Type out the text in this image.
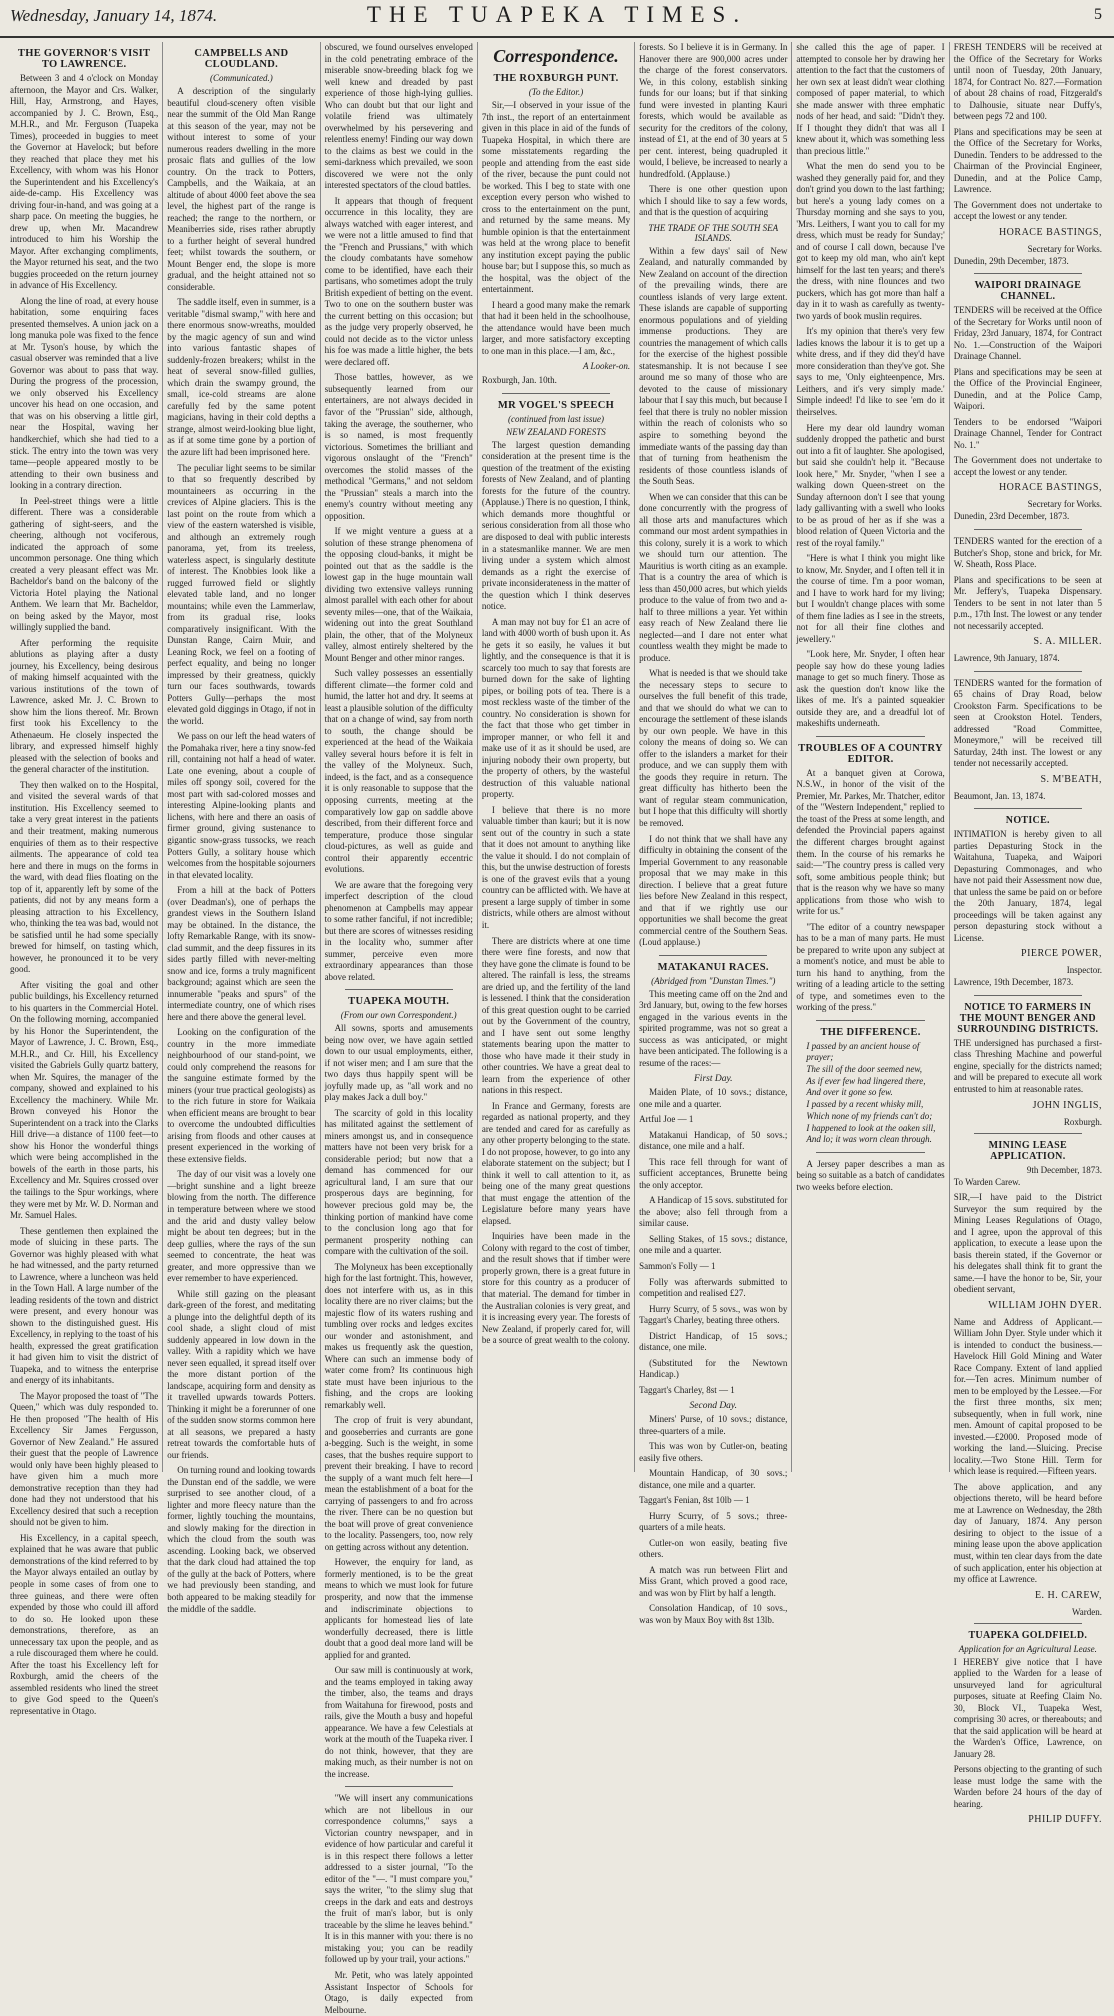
Wednesday, January 14, 1874.	THE TUAPEKA TIMES.	5
THE GOVERNOR'S VISIT TO LAWRENCE.

Between 3 and 4 o'clock on Monday afternoon, the Mayor and Crs. Walker, Hill, Hay, Armstrong, and Hayes, accompanied by J. C. Brown, Esq., M.H.R., and Mr. Ferguson (Tuapeka Times), proceeded in buggies to meet the Governor at Havelock; but before they reached that place they met his Excellency, with whom was his Honor the Superintendent and his Excellency's aide-de-camp. His Excellency was driving four-in-hand, and was going at a sharp pace. On meeting the buggies, he drew up, when Mr. Macandrew introduced to him his Worship the Mayor. After exchanging compliments, the Mayor returned his seat, and the two buggies proceeded on the return journey in advance of His Excellency.

Along the line of road, at every house habitation, some enquiring faces presented themselves. A union jack on a long manuka pole was fixed to the fence at Mr. Tyson's house, by which the casual observer was reminded that a live Governor was about to pass that way. During the progress of the procession, we only observed his Excellency uncover his head on one occasion, and that was on his observing a little girl, near the Hospital, waving her handkerchief, which she had tied to a stick. The entry into the town was very tame—people appeared mostly to be attending to their own business and looking in a contrary direction.

In Peel-street things were a little different. There was a considerable gathering of sight-seers, and the cheering, although not vociferous, indicated the approach of some uncommon personage. One thing which created a very pleasant effect was Mr. Bacheldor's band on the balcony of the Victoria Hotel playing the National Anthem. We learn that Mr. Bacheldor, on being asked by the Mayor, most willingly supplied the band.

After performing the requisite ablutions as playing after a dusty journey, his Excellency, being desirous of making himself acquainted with the various institutions of the town of Lawrence, asked Mr. J. C. Brown to show him the lions thereof. Mr. Brown first took his Excellency to the Athenaeum. He closely inspected the library, and expressed himself highly pleased with the selection of books and the general character of the institution.

They then walked on to the Hospital, and visited the several wards of that institution. His Excellency seemed to take a very great interest in the patients and their treatment, making numerous enquiries of them as to their respective ailments. The appearance of cold tea here and there in mugs on the forms in the ward, with dead flies floating on the top of it, apparently left by some of the patients, did not by any means form a pleasing attraction to his Excellency, who, thinking the tea was bad, would not be satisfied until he had some specially brewed for himself, on tasting which, however, he pronounced it to be very good.

After visiting the goal and other public buildings, his Excellency returned to his quarters in the Commercial Hotel. On the following morning, accompanied by his Honor the Superintendent, the Mayor of Lawrence, J. C. Brown, Esq., M.H.R., and Cr. Hill, his Excellency visited the Gabriels Gully quartz battery, when Mr. Squires, the manager of the company, showed and explained to his Excellency the machinery. While Mr. Brown conveyed his Honor the Superintendent on a track into the Clarks Hill drive—a distance of 1100 feet—to show his Honor the wonderful things which were being accomplished in the bowels of the earth in those parts, his Excellency and Mr. Squires crossed over the tailings to the Spur workings, where they were met by Mr. W. D. Norman and Mr. Samuel Hales.

These gentlemen then explained the mode of sluicing in these parts. The Governor was highly pleased with what he had witnessed, and the party returned to Lawrence, where a luncheon was held in the Town Hall. A large number of the leading residents of the town and district were present, and every honour was shown to the distinguished guest. His Excellency, in replying to the toast of his health, expressed the great gratification it had given him to visit the district of Tuapeka, and to witness the enterprise and energy of its inhabitants.

The Mayor proposed the toast of "The Queen," which was duly responded to. He then proposed "The health of His Excellency Sir James Fergusson, Governor of New Zealand." He assured their guest that the people of Lawrence would only have been highly pleased to have given him a much more demonstrative reception than they had done had they not understood that his Excellency desired that such a reception should not be given to him.

His Excellency, in a capital speech, explained that he was aware that public demonstrations of the kind referred to by the Mayor always entailed an outlay by people in some cases of from one to three guineas, and there were often expended by those who could ill afford to do so. He looked upon these demonstrations, therefore, as an unnecessary tax upon the people, and as a rule discouraged them where he could. After the toast his Excellency left for Roxburgh, amid the cheers of the assembled residents who lined the street to give God speed to the Queen's representative in Otago.

CAMPBELLS AND CLOUDLAND.
(Communicated.)

A description of the singularly beautiful cloud-scenery often visible near the summit of the Old Man Range at this season of the year, may not be without interest to some of your numerous readers dwelling in the more prosaic flats and gullies of the low country. On the track to Potters, Campbells, and the Waikaia, at an altitude of about 4000 feet above the sea level, the highest part of the range is reached; the range to the northern, or Meaniberries side, rises rather abruptly to a further height of several hundred feet; whilst towards the southern, or Mount Benger end, the slope is more gradual, and the height attained not so considerable.

The saddle itself, even in summer, is a veritable "dismal swamp," with here and there enormous snow-wreaths, moulded by the magic agency of sun and wind into various fantastic shapes of suddenly-frozen breakers; whilst in the heat of several snow-filled gullies, which drain the swampy ground, the small, ice-cold streams are alone carefully fed by the same potent magicians, having in their cold depths a strange, almost weird-looking blue light, as if at some time gone by a portion of the azure lift had been imprisoned here.

The peculiar light seems to be similar to that so frequently described by mountaineers as occurring in the crevices of Alpine glaciers. This is the last point on the route from which a view of the eastern watershed is visible, and although an extremely rough panorama, yet, from its treeless, waterless aspect, is singularly destitute of interest. The Knobbies look like a rugged furrowed field or slightly elevated table land, and no longer mountains; while even the Lammerlaw, from its gradual rise, looks comparatively insignificant. With the Dunstan Range, Cairn Muir, and Leaning Rock, we feel on a footing of perfect equality, and being no longer impressed by their greatness, quickly turn our faces southwards, towards Potters Gully—perhaps the most elevated gold diggings in Otago, if not in the world.

We pass on our left the head waters of the Pomahaka river, here a tiny snow-fed rill, containing not half a head of water. Late one evening, about a couple of miles off spongy soil, covered for the most part with sad-colored mosses and interesting Alpine-looking plants and lichens, with here and there an oasis of firmer ground, giving sustenance to gigantic snow-grass tussocks, we reach Potters Gully, a solitary house which welcomes from the hospitable sojourners in that elevated locality.

From a hill at the back of Potters (over Deadman's), one of perhaps the grandest views in the Southern Island may be obtained. In the distance, the lofty Remarkable Range, with its snow-clad summit, and the deep fissures in its sides partly filled with never-melting snow and ice, forms a truly magnificent background; against which are seen the innumerable "peaks and spurs" of the intermediate country, one of which rises here and there above the general level.

Looking on the configuration of the country in the more immediate neighbourhood of our stand-point, we could only comprehend the reasons for the sanguine estimate formed by the miners (your true practical geologists) as to the rich future in store for Waikaia when efficient means are brought to bear to overcome the undoubted difficulties arising from floods and other causes at present experienced in the working of these extensive fields.

The day of our visit was a lovely one—bright sunshine and a light breeze blowing from the north. The difference in temperature between where we stood and the arid and dusty valley below might be about ten degrees; but in the deep gullies, where the rays of the sun seemed to concentrate, the heat was greater, and more oppressive than we ever remember to have experienced.

While still gazing on the pleasant dark-green of the forest, and meditating a plunge into the delightful depth of its cool shade, a slight cloud of mist suddenly appeared in low down in the valley. With a rapidity which we have never seen equalled, it spread itself over the more distant portion of the landscape, acquiring form and density as it travelled upwards towards Potters. Thinking it might be a forerunner of one of the sudden snow storms common here at all seasons, we prepared a hasty retreat towards the comfortable huts of our friends.

On turning round and looking towards the Dunstan end of the saddle, we were surprised to see another cloud, of a lighter and more fleecy nature than the former, lightly touching the mountains, and slowly making for the direction in which the cloud from the south was ascending. Looking back, we observed that the dark cloud had attained the top of the gully at the back of Potters, where we had previously been standing, and both appeared to be making steadily for the middle of the saddle.

obscured, we found ourselves enveloped in the cold penetrating embrace of the miserable snow-breeding black fog we well knew and dreaded by past experience of those high-lying gullies. Who can doubt but that our light and volatile friend was ultimately overwhelmed by his persevering and relentless enemy! Finding our way down to the claims as best we could in the semi-darkness which prevailed, we soon discovered we were not the only interested spectators of the cloud battles.

It appears that though of frequent occurrence in this locality, they are always watched with eager interest, and we were not a little amused to find that the "French and Prussians," with which the cloudy combatants have somehow come to be identified, have each their partisans, who sometimes adopt the truly British expedient of betting on the event. Two to one on the southern buster was the current betting on this occasion; but as the judge very properly observed, he could not decide as to the victor unless his foe was made a little higher, the bets were declared off.

Those battles, however, as we subsequently learned from our entertainers, are not always decided in favor of the "Prussian" side, although, taking the average, the southerner, who is so named, is most frequently victorious. Sometimes the brilliant and vigorous onslaught of the "French" overcomes the stolid masses of the methodical "Germans," and not seldom the "Prussian" steals a march into the enemy's country without meeting any opposition.

If we might venture a guess at a solution of these strange phenomena of the opposing cloud-banks, it might be pointed out that as the saddle is the lowest gap in the huge mountain wall dividing two extensive valleys running almost parallel with each other for about seventy miles—one, that of the Waikaia, widening out into the great Southland plain, the other, that of the Molyneux valley, almost entirely sheltered by the Mount Benger and other minor ranges.

Such valley possesses an essentially different climate—the former cold and humid, the latter hot and dry. It seems at least a plausible solution of the difficulty that on a change of wind, say from north to south, the change should be experienced at the head of the Waikaia valley several hours before it is felt in the valley of the Molyneux. Such, indeed, is the fact, and as a consequence it is only reasonable to suppose that the opposing currents, meeting at the comparatively low gap on saddle above described, from their different force and temperature, produce those singular cloud-pictures, as well as guide and control their apparently eccentric evolutions.

We are aware that the foregoing very imperfect description of the cloud phenomenon at Campbells may appear to some rather fanciful, if not incredible; but there are scores of witnesses residing in the locality who, summer after summer, perceive even more extraordinary appearances than those above related.

TUAPEKA MOUTH.
(From our own Correspondent.)

All sowns, sports and amusements being now over, we have again settled down to our usual employments, either, if not wiser men; and I am sure that the two days thus happily spent will be joyfully made up, as "all work and no play makes Jack a dull boy."

The scarcity of gold in this locality has militated against the settlement of miners amongst us, and in consequence matters have not been very brisk for a considerable period; but now that a demand has commenced for our agricultural land, I am sure that our prosperous days are beginning, for however precious gold may be, the thinking portion of mankind have come to the conclusion long ago that for permanent prosperity nothing can compare with the cultivation of the soil.

The Molyneux has been exceptionally high for the last fortnight. This, however, does not interfere with us, as in this locality there are no river claims; but the majestic flow of its waters rushing and tumbling over rocks and ledges excites our wonder and astonishment, and makes us frequently ask the question, Where can such an immense body of water come from? Its continuous high state must have been injurious to the fishing, and the crops are looking remarkably well.

The crop of fruit is very abundant, and gooseberries and currants are gone a-begging. Such is the weight, in some cases, that the bushes require support to prevent their breaking. I have to record the supply of a want much felt here—I mean the establishment of a boat for the carrying of passengers to and fro across the river. There can be no question but the boat will prove of great convenience to the locality. Passengers, too, now rely on getting across without any detention.

However, the enquiry for land, as formerly mentioned, is to be the great means to which we must look for future prosperity, and now that the immense and indiscriminate objections to applicants for homestead lies of late wonderfully decreased, there is little doubt that a good deal more land will be applied for and granted.

Our saw mill is continuously at work, and the teams employed in taking away the timber, also, the teams and drays from Waitahuna for firewood, posts and rails, give the Mouth a busy and hopeful appearance. We have a few Celestials at work at the mouth of the Tuapeka river. I do not think, however, that they are making much, as their number is not on the increase.

"We will insert any communications which are not libellous in our correspondence columns," says a Victorian country newspaper, and in evidence of how particular and careful it is in this respect there follows a letter addressed to a sister journal, "To the editor of the "—. "I must compare you," says the writer, "to the slimy slug that creeps in the dark and eats and destroys the fruit of man's labor, but is only traceable by the slime he leaves behind." It is in this manner with you: there is no mistaking you; you can be readily followed up by your trail, your actions."

Mr. Petit, who was lately appointed Assistant Inspector of Schools for Otago, is daily expected from Melbourne.

Correspondence.
THE ROXBURGH PUNT.
(To the Editor.)

Sir,—I observed in your issue of the 7th inst., the report of an entertainment given in this place in aid of the funds of Tuapeka Hospital, in which there are some misstatements regarding the people and attending from the east side of the river, because the punt could not be worked. This I beg to state with one exception every person who wished to cross to the entertainment on the punt, and returned by the same means. My humble opinion is that the entertainment was held at the wrong place to benefit any institution except paying the public house bar; but I suppose this, so much as the hospital, was the object of the entertainment.

I heard a good many make the remark that had it been held in the schoolhouse, the attendance would have been much larger, and more satisfactory excepting to one man in this place.—I am, &c.,

A Looker-on.

Roxburgh, Jan. 10th.

MR VOGEL'S SPEECH
(continued from last issue)
NEW ZEALAND FORESTS

The largest question demanding consideration at the present time is the question of the treatment of the existing forests of New Zealand, and of planting forests for the future of the country. (Applause.) There is no question, I think, which demands more thoughtful or serious consideration from all those who are disposed to deal with public interests in a statesmanlike manner. We are men living under a system which almost demands as a right the exercise of private inconsiderateness in the matter of the question which I think deserves notice.

A man may not buy for £1 an acre of land with 4000 worth of bush upon it. As he gets it so easily, he values it but lightly, and the consequence is that it is scarcely too much to say that forests are burned down for the sake of lighting pipes, or boiling pots of tea. There is a most reckless waste of the timber of the country. No consideration is shown for the fact that those who get timber in improper manner, or who fell it and make use of it as it should be used, are injuring nobody their own property, but the property of others, by the wasteful destruction of this valuable national property.

I believe that there is no more valuable timber than kauri; but it is now sent out of the country in such a state that it does not amount to anything like the value it should. I do not complain of this, but the unwise destruction of forests is one of the gravest evils that a young country can be afflicted with. We have at present a large supply of timber in some districts, while others are almost without it.

There are districts where at one time there were fine forests, and now that they have gone the climate is found to be altered. The rainfall is less, the streams are dried up, and the fertility of the land is lessened. I think that the consideration of this great question ought to be carried out by the Government of the country, and I have sent out some lengthy statements bearing upon the matter to those who have made it their study in other countries. We have a great deal to learn from the experience of other nations in this respect.

In France and Germany, forests are regarded as national property, and they are tended and cared for as carefully as any other property belonging to the state. I do not propose, however, to go into any elaborate statement on the subject; but I think it well to call attention to it, as being one of the many great questions that must engage the attention of the Legislature before many years have elapsed.

Inquiries have been made in the Colony with regard to the cost of timber, and the result shows that if timber were properly grown, there is a great future in store for this country as a producer of that material. The demand for timber in the Australian colonies is very great, and it is increasing every year. The forests of New Zealand, if properly cared for, will be a source of great wealth to the colony.

forests. So I believe it is in Germany. In Hanover there are 900,000 acres under the charge of the forest conservators. We, in this colony, establish sinking funds for our loans; but if that sinking fund were invested in planting Kauri forests, which would be available as security for the creditors of the colony, instead of £1, at the end of 30 years at 5 per cent. interest, being quadrupled it would, I believe, be increased to nearly a hundredfold. (Applause.)

There is one other question upon which I should like to say a few words, and that is the question of acquiring

THE TRADE OF THE SOUTH SEA ISLANDS.

Within a few days' sail of New Zealand, and naturally commanded by New Zealand on account of the direction of the prevailing winds, there are countless islands of very large extent. These islands are capable of supporting enormous populations and of yielding immense productions. They are countries the management of which calls for the exercise of the highest possible statesmanship. It is not because I see around me so many of those who are devoted to the cause of missionary labour that I say this much, but because I feel that there is truly no nobler mission within the reach of colonists who so aspire to something beyond the immediate wants of the passing day than that of turning from heathenism the residents of those countless islands of the South Seas.

When we can consider that this can be done concurrently with the progress of all those arts and manufactures which command our most ardent sympathies in this colony, surely it is a work to which we should turn our attention. The Mauritius is worth citing as an example. That is a country the area of which is less than 450,000 acres, but which yields produce to the value of from two and a-half to three millions a year. Yet within easy reach of New Zealand there lie neglected—and I dare not enter what countless wealth they might be made to produce.

What is needed is that we should take the necessary steps to secure to ourselves the full benefit of this trade, and that we should do what we can to encourage the settlement of these islands by our own people. We have in this colony the means of doing so. We can offer to the islanders a market for their produce, and we can supply them with the goods they require in return. The great difficulty has hitherto been the want of regular steam communication, but I hope that this difficulty will shortly be removed.

I do not think that we shall have any difficulty in obtaining the consent of the Imperial Government to any reasonable proposal that we may make in this direction. I believe that a great future lies before New Zealand in this respect, and that if we rightly use our opportunities we shall become the great commercial centre of the Southern Seas. (Loud applause.)

MATAKANUI RACES.
(Abridged from "Dunstan Times.")

This meeting came off on the 2nd and 3rd January, but, owing to the few horses engaged in the various events in the spirited programme, was not so great a success as was anticipated, or might have been anticipated. The following is a resume of the races:—

First Day.

Maiden Plate, of 10 sovs.; distance, one mile and a quarter.

Artful Joe — 1

Matakanui Handicap, of 50 sovs.; distance, one mile and a half.

This race fell through for want of sufficient acceptances, Brunette being the only acceptor.

A Handicap of 15 sovs. substituted for the above; also fell through from a similar cause.

Selling Stakes, of 15 sovs.; distance, one mile and a quarter.

Sammon's Folly — 1

Folly was afterwards submitted to competition and realised £27.

Hurry Scurry, of 5 sovs., was won by Taggart's Charley, beating three others.

District Handicap, of 15 sovs.; distance, one mile.

(Substituted for the Newtown Handicap.)

Taggart's Charley, 8st — 1

Second Day.

Miners' Purse, of 10 sovs.; distance, three-quarters of a mile.

This was won by Cutler-on, beating easily five others.

Mountain Handicap, of 30 sovs.; distance, one mile and a quarter.

Taggart's Fenian, 8st 10lb — 1

Hurry Scurry, of 5 sovs.; three-quarters of a mile heats.

Cutler-on won easily, beating five others.

A match was run between Flirt and Miss Grant, which proved a good race, and was won by Flirt by half a length.

Consolation Handicap, of 10 sovs., was won by Maux Boy with 8st 13lb.

she called this the age of paper. I attempted to console her by drawing her attention to the fact that the customers of her own sex at least didn't wear clothing composed of paper material, to which she made answer with three emphatic nods of her head, and said: "Didn't they. If I thought they didn't that was all I knew about it, which was something less than precious little."

What the men do send you to be washed they generally paid for, and they don't grind you down to the last farthing; but here's a young lady comes on a Thursday morning and she says to you, 'Mrs. Leithers, I want you to call for my dress, which must be ready for Sunday;' and of course I call down, because I've got to keep my old man, who ain't kept himself for the last ten years; and there's the dress, with nine flounces and two puckers, which has got more than half a day in it to wash as carefully as twenty-two yards of book muslin requires.

It's my opinion that there's very few ladies knows the labour it is to get up a white dress, and if they did they'd have more consideration than they've got. She says to me, 'Only eighteenpence, Mrs. Leithers, and it's very simply made.' Simple indeed! I'd like to see 'em do it theirselves.

Here my dear old laundry woman suddenly dropped the pathetic and burst out into a fit of laughter. She apologised, but said she couldn't help it. "Because look here," Mr. Snyder, "when I see a walking down Queen-street on the Sunday afternoon don't I see that young lady gallivanting with a swell who looks to be as proud of her as if she was a blood relation of Queen Victoria and the rest of the royal family."

"Here is what I think you might like to know, Mr. Snyder, and I often tell it in the course of time. I'm a poor woman, and I have to work hard for my living; but I wouldn't change places with some of them fine ladies as I see in the streets, not for all their fine clothes and jewellery."

"Look here, Mr. Snyder, I often hear people say how do these young ladies manage to get so much finery. Those as ask the question don't know like the likes of me. It's a painted squeakier outside they are, and a dreadful lot of makeshifts underneath.

TROUBLES OF A COUNTRY EDITOR.

At a banquet given at Corowa, N.S.W., in honor of the visit of the Premier, Mr. Parkes, Mr. Thatcher, editor of the "Western Independent," replied to the toast of the Press at some length, and defended the Provincial papers against the different charges brought against them. In the course of his remarks he said:—"The country press is called very soft, some ambitious people think; but that is the reason why we have so many applications from those who wish to write for us."

"The editor of a country newspaper has to be a man of many parts. He must be prepared to write upon any subject at a moment's notice, and must be able to turn his hand to anything, from the writing of a leading article to the setting of type, and sometimes even to the working of the press."

THE DIFFERENCE.
I passed by an ancient house of prayer;
The sill of the door seemed new,
As if ever few had lingered there,
And over it gone so few.
I passed by a recent whisky mill,
Which none of my friends can't do;
I happened to look at the oaken sill,
And lo; it was worn clean through.

A Jersey paper describes a man as being so suitable as a batch of candidates two weeks before election.

FRESH TENDERS will be received at the Office of the Secretary for Works until noon of Tuesday, 20th January, 1874, for Contract No. 827.—Formation of about 28 chains of road, Fitzgerald's to Dalhousie, situate near Duffy's, between pegs 72 and 100.

Plans and specifications may be seen at the Office of the Secretary for Works, Dunedin. Tenders to be addressed to the Chairman of the Provincial Engineer, Dunedin, and at the Police Camp, Lawrence.

The Government does not undertake to accept the lowest or any tender.

HORACE BASTINGS,
Secretary for Works.

Dunedin, 29th December, 1873.

WAIPORI DRAINAGE CHANNEL.

TENDERS will be received at the Office of the Secretary for Works until noon of Friday, 23rd January, 1874, for Contract No. 1.—Construction of the Waipori Drainage Channel.

Plans and specifications may be seen at the Office of the Provincial Engineer, Dunedin, and at the Police Camp, Waipori.

Tenders to be endorsed "Waipori Drainage Channel, Tender for Contract No. 1."

The Government does not undertake to accept the lowest or any tender.

HORACE BASTINGS,
Secretary for Works.

Dunedin, 23rd December, 1873.

TENDERS wanted for the erection of a Butcher's Shop, stone and brick, for Mr. W. Sheath, Ross Place.

Plans and specifications to be seen at Mr. Jeffery's, Tuapeka Dispensary. Tenders to be sent in not later than 5 p.m., 17th Inst. The lowest or any tender not necessarily accepted.

S. A. MILLER.

Lawrence, 9th January, 1874.

TENDERS wanted for the formation of 65 chains of Dray Road, below Crookston Farm. Specifications to be seen at Crookston Hotel. Tenders, addressed "Road Committee, Moneymore," will be received till Saturday, 24th inst. The lowest or any tender not necessarily accepted.

S. M'BEATH,

Beaumont, Jan. 13, 1874.

NOTICE.

INTIMATION is hereby given to all parties Depasturing Stock in the Waitahuna, Tuapeka, and Waipori Depasturing Commonages, and who have not paid their Assessment now due, that unless the same be paid on or before the 20th January, 1874, legal proceedings will be taken against any person depasturing stock without a License.

PIERCE POWER,
Inspector.

Lawrence, 19th December, 1873.

NOTICE TO FARMERS IN THE MOUNT BENGER AND SURROUNDING DISTRICTS.

THE undersigned has purchased a first-class Threshing Machine and powerful engine, specially for the districts named; and will be prepared to execute all work entrusted to him at reasonable rates.

JOHN INGLIS,
Roxburgh.
MINING LEASE APPLICATION.
9th December, 1873.

To Warden Carew.

SIR,—I have paid to the District Surveyor the sum required by the Mining Leases Regulations of Otago, and I agree, upon the approval of this application, to execute a lease upon the basis therein stated, if the Governor or his delegates shall think fit to grant the same.—I have the honor to be, Sir, your obedient servant,

WILLIAM JOHN DYER.

Name and Address of Applicant.—William John Dyer. Style under which it is intended to conduct the business.—Havelock Hill Gold Mining and Water Race Company. Extent of land applied for.—Ten acres. Minimum number of men to be employed by the Lessee.—For the first three months, six men; subsequently, when in full work, nine men. Amount of capital proposed to be invested.—£2000. Proposed mode of working the land.—Sluicing. Precise locality.—Two Stone Hill. Term for which lease is required.—Fifteen years.

The above application, and any objections thereto, will be heard before me at Lawrence on Wednesday, the 28th day of January, 1874. Any person desiring to object to the issue of a mining lease upon the above application must, within ten clear days from the date of such application, enter his objection at my office at Lawrence.

E. H. CAREW,
Warden.
TUAPEKA GOLDFIELD.
Application for an Agricultural Lease.

I HEREBY give notice that I have applied to the Warden for a lease of unsurveyed land for agricultural purposes, situate at Reefing Claim No. 30, Block VI., Tuapeka West, comprising 30 acres, or thereabouts; and that the said application will be heard at the Warden's Office, Lawrence, on January 28.

Persons objecting to the granting of such lease must lodge the same with the Warden before 24 hours of the day of hearing.

PHILIP DUFFY.
